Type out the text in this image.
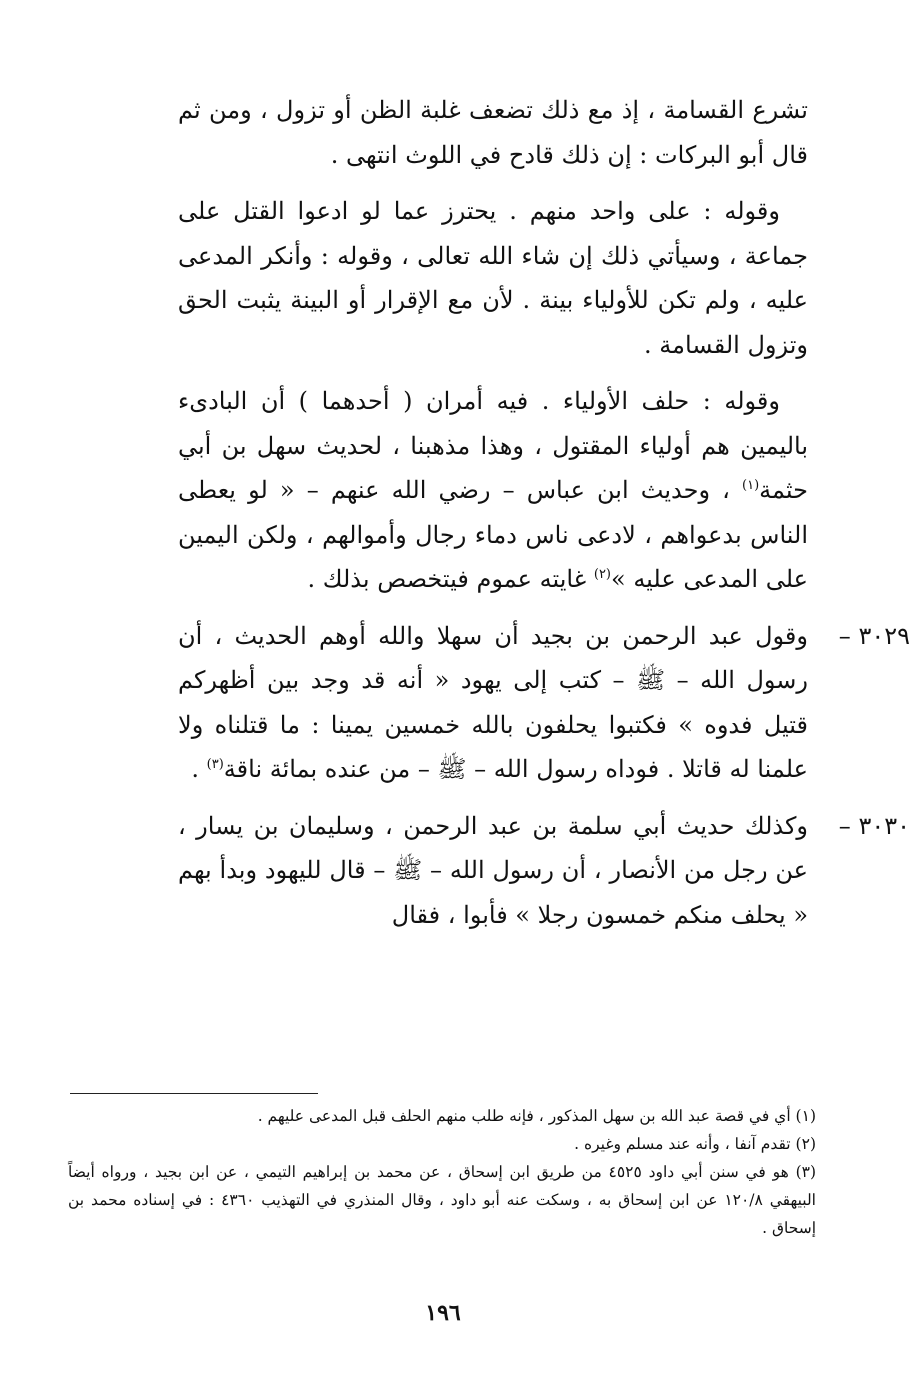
تشرع القسامة ، إذ مع ذلك تضعف غلبة الظن أو تزول ، ومن ثم قال أبو البركات : إن ذلك قادح في اللوث انتهى .

وقوله : على واحد منهم . يحترز عما لو ادعوا القتل على جماعة ، وسيأتي ذلك إن شاء الله تعالى ، وقوله : وأنكر المدعى عليه ، ولم تكن للأولياء بينة . لأن مع الإقرار أو البينة يثبت الحق وتزول القسامة .

وقوله : حلف الأولياء . فيه أمران ( أحدهما ) أن البادىء باليمين هم أولياء المقتول ، وهذا مذهبنا ، لحديث سهل بن أبي حثمة$^{(١)}$ ، وحديث ابن عباس – رضي الله عنهم – « لو يعطى الناس بدعواهم ، لادعى ناس دماء رجال وأموالهم ، ولكن اليمين على المدعى عليه »$^{(٢)}$ غايته عموم فيتخصص بذلك .

٣٠٢٩ –
وقول عبد الرحمن بن بجيد أن سهلا والله أوهم الحديث ، أن رسول الله – ﷺ – كتب إلى يهود « أنه قد وجد بين أظهركم قتيل فدوه » فكتبوا يحلفون بالله خمسين يمينا : ما قتلناه ولا علمنا له قاتلا . فوداه رسول الله – ﷺ – من عنده بمائة ناقة$^{(٣)}$ .
٣٠٣٠ –
وكذلك حديث أبي سلمة بن عبد الرحمن ، وسليمان بن يسار ، عن رجل من الأنصار ، أن رسول الله – ﷺ – قال لليهود وبدأ بهم « يحلف منكم خمسون رجلا » فأبوا ، فقال

(١) أي في قصة عبد الله بن سهل المذكور ، فإنه طلب منهم الحلف قبل المدعى عليهم .

(٢) تقدم آنفا ، وأنه عند مسلم وغيره .

(٣) هو في سنن أبي داود ٤٥٢٥ من طريق ابن إسحاق ، عن محمد بن إبراهيم التيمي ، عن ابن بجيد ، ورواه أيضاً البيهقي ١٢٠/٨ عن ابن إسحاق به ، وسكت عنه أبو داود ، وقال المنذري في التهذيب ٤٣٦٠ : في إسناده محمد بن إسحاق .

١٩٦
